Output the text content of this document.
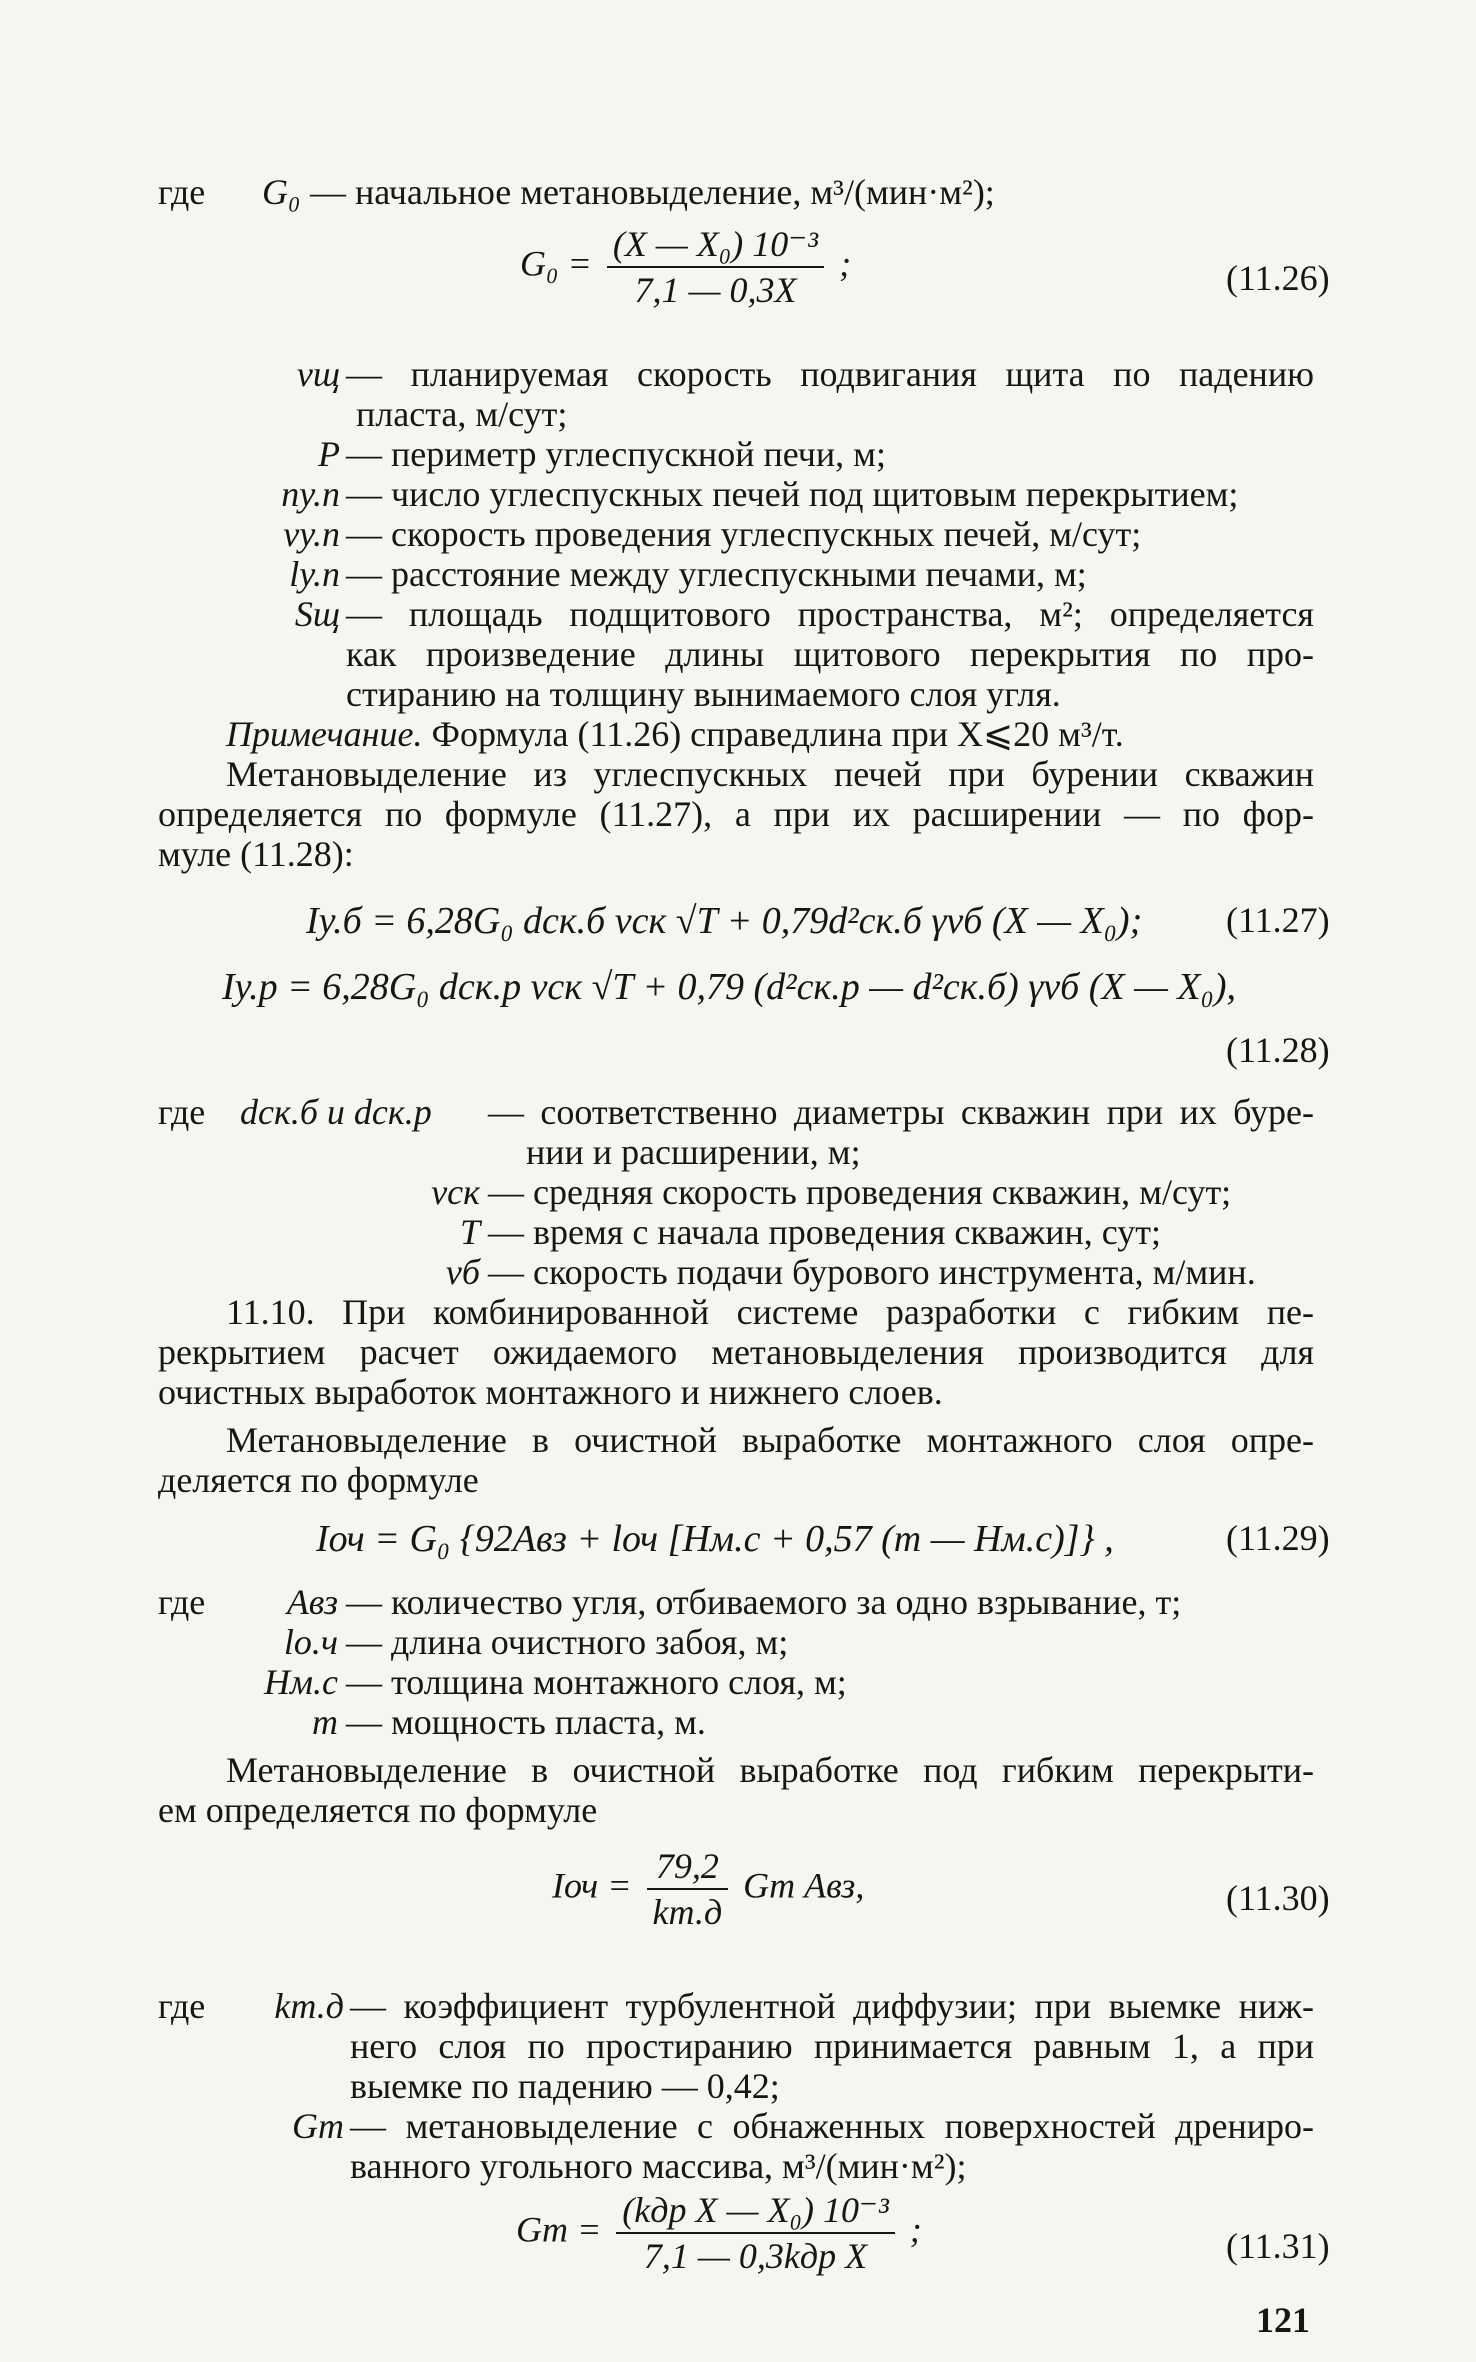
где G₀ — начальное метановыделение, м³/(мин·м²);
$G_0 = \frac{\text{(X — X₀) 10⁻³}}{7,1 — 0,3X}$ ;	(11.26)
vщ — планируемая скорость подвигания щита по падению
пласта, м/сут;
P — периметр углеспускной печи, м;
nу.п — число углеспускных печей под щитовым перекрытием;
vу.п — скорость проведения углеспускных печей, м/сут;
lу.п — расстояние между углеспускными печами, м;
Sщ — площадь подщитового пространства, м²; определяется
как произведение длины щитового перекрытия по про-
стиранию на толщину вынимаемого слоя угля.
Примечание. Формула (11.26) справедлина при X⩽20 м³/т.
Метановыделение из углеспускных печей при бурении скважин
определяется по формуле (11.27), а при их расширении — по фор-
муле (11.28):
Iу.б = 6,28G₀ dск.б vск √T + 0,79d²ск.б γvб (X — X₀); (11.27)
Iу.р = 6,28G₀ dск.р vск √T + 0,79 (d²ск.р — d²ск.б) γvб (X — X₀),
(11.28)
где dск.б и dск.р — соответственно диаметры скважин при их буре-
нии и расширении, м;
vск — средняя скорость проведения скважин, м/сут;
T — время с начала проведения скважин, сут;
vб — скорость подачи бурового инструмента, м/мин.
11.10. При комбинированной системе разработки с гибким пе-
рекрытием расчет ожидаемого метановыделения производится для
очистных выработок монтажного и нижнего слоев.
Метановыделение в очистной выработке монтажного слоя опре-
деляется по формуле
Iоч = G₀ {92Aвз + lоч [Hм.с + 0,57 (m — Hм.с)]} ,	(11.29)
где	Aвз — количество угля, отбиваемого за одно взрывание, т;
lо.ч — длина очистного забоя, м;
Hм.с — толщина монтажного слоя, м;
m — мощность пласта, м.
Метановыделение в очистной выработке под гибким перекрыти-
ем определяется по формуле
Iоч = $\frac{79,2}{kт.д}$ Gт Aвз,	(11.30)
где	kт.д — коэффициент турбулентной диффузии; при выемке ниж-
него слоя по простиранию принимается равным 1, а при
выемке по падению — 0,42;
Gт — метановыделение с обнаженных поверхностей дрениро-
ванного угольного массива, м³/(мин·м²);
Gт = $\frac{\text{(kдр X — X₀) 10⁻³}}{\text{7,1 — 0,3kдр X}}$ ;	(11.31)
121
